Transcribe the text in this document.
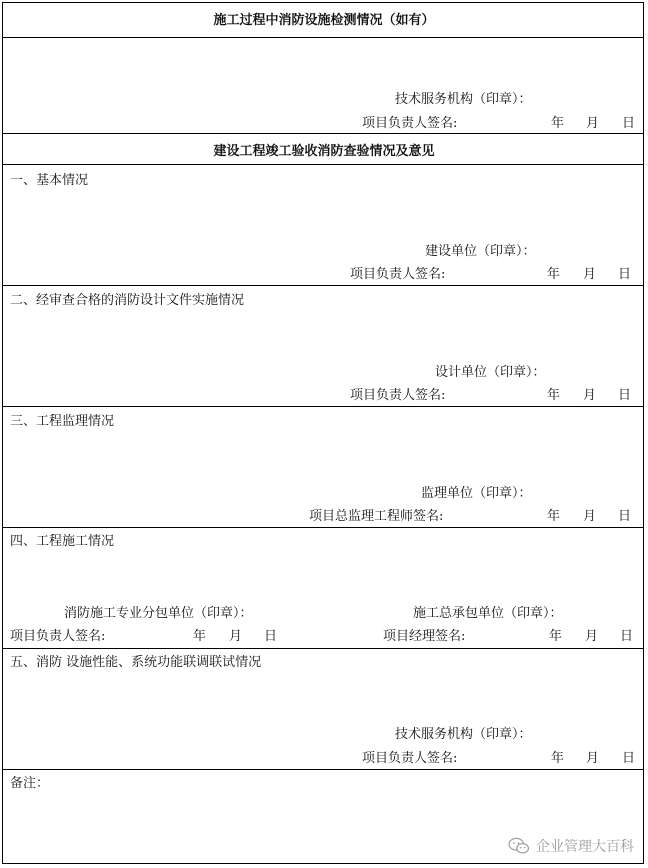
施工过程中消防设施检测情况（如有）
技术服务机构（印章）：
项目负责人签名:	年 月 日
建设工程竣工验收消防查验情况及意见
一、基本情况
建设单位（印章）：
项目负责人签名:	年 月 日
二、经审查合格的消防设计文件实施情况
设计单位（印章）：
项目负责人签名:	年 月 日
三、工程监理情况
监理单位（印章）：
项目总监理工程师签名:	年 月 日
四、工程施工情况
消防施工专业分包单位（印章）：	施工总承包单位（印章）：
项目负责人签名:	年 月 日	项目经理签名:	年 月 日
五、消防 设施性能、系统功能联调联试情况
技术服务机构（印章）：
项目负责人签名:	年 月 日
备注：
企业管理大百科
